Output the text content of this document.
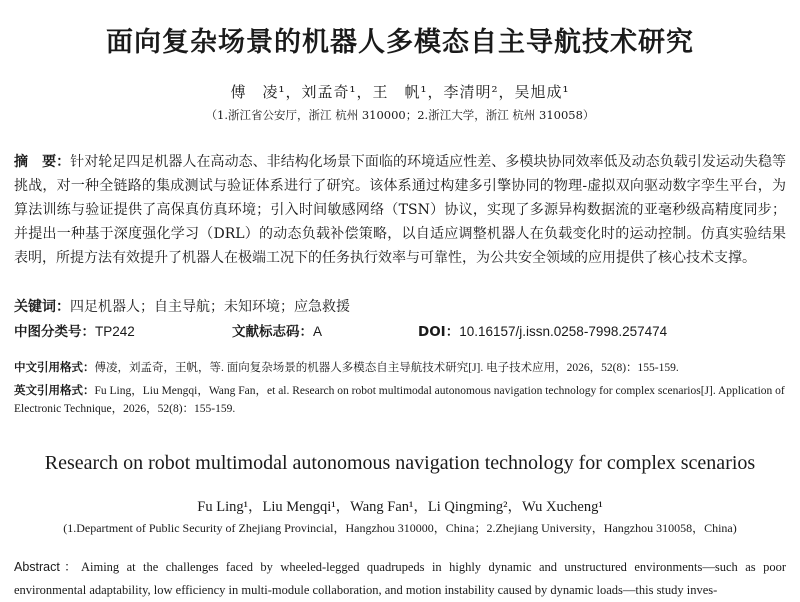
面向复杂场景的机器人多模态自主导航技术研究
傅　凌¹，刘孟奇¹，王　帆¹，李清明²，吴旭成¹
（1.浙江省公安厅，浙江 杭州 310000；2.浙江大学，浙江 杭州 310058）
摘　要：针对轮足四足机器人在高动态、非结构化场景下面临的环境适应性差、多模块协同效率低及动态负载引发运动失稳等挑战，对一种全链路的集成测试与验证体系进行了研究。该体系通过构建多引擎协同的物理-虚拟双向驱动数字孪生平台，为算法训练与验证提供了高保真仿真环境；引入时间敏感网络（TSN）协议，实现了多源异构数据流的亚毫秒级高精度同步；并提出一种基于深度强化学习（DRL）的动态负载补偿策略，以自适应调整机器人在负载变化时的运动控制。仿真实验结果表明，所提方法有效提升了机器人在极端工况下的任务执行效率与可靠性，为公共安全领域的应用提供了核心技术支撑。
关键词：四足机器人；自主导航；未知环境；应急救援
中图分类号：TP242	文献标志码：A	DOI：10.16157/j.issn.0258-7998.257474
中文引用格式：傅凌，刘孟奇，王帆，等. 面向复杂场景的机器人多模态自主导航技术研究[J]. 电子技术应用，2026，52(8)：155-159.
英文引用格式：Fu Ling，Liu Mengqi，Wang Fan，et al. Research on robot multimodal autonomous navigation technology for complex scenarios[J]. Application of Electronic Technique，2026，52(8)：155-159.
Research on robot multimodal autonomous navigation technology for complex scenarios
Fu Ling¹，Liu Mengqi¹，Wang Fan¹，Li Qingming²，Wu Xucheng¹
(1.Department of Public Security of Zhejiang Provincial，Hangzhou 310000，China；2.Zhejiang University，Hangzhou 310058，China)
Abstract：Aiming at the challenges faced by wheeled-legged quadrupeds in highly dynamic and unstructured environments—such as poor environmental adaptability, low efficiency in multi-module collaboration, and motion instability caused by dynamic loads—this study inves-
